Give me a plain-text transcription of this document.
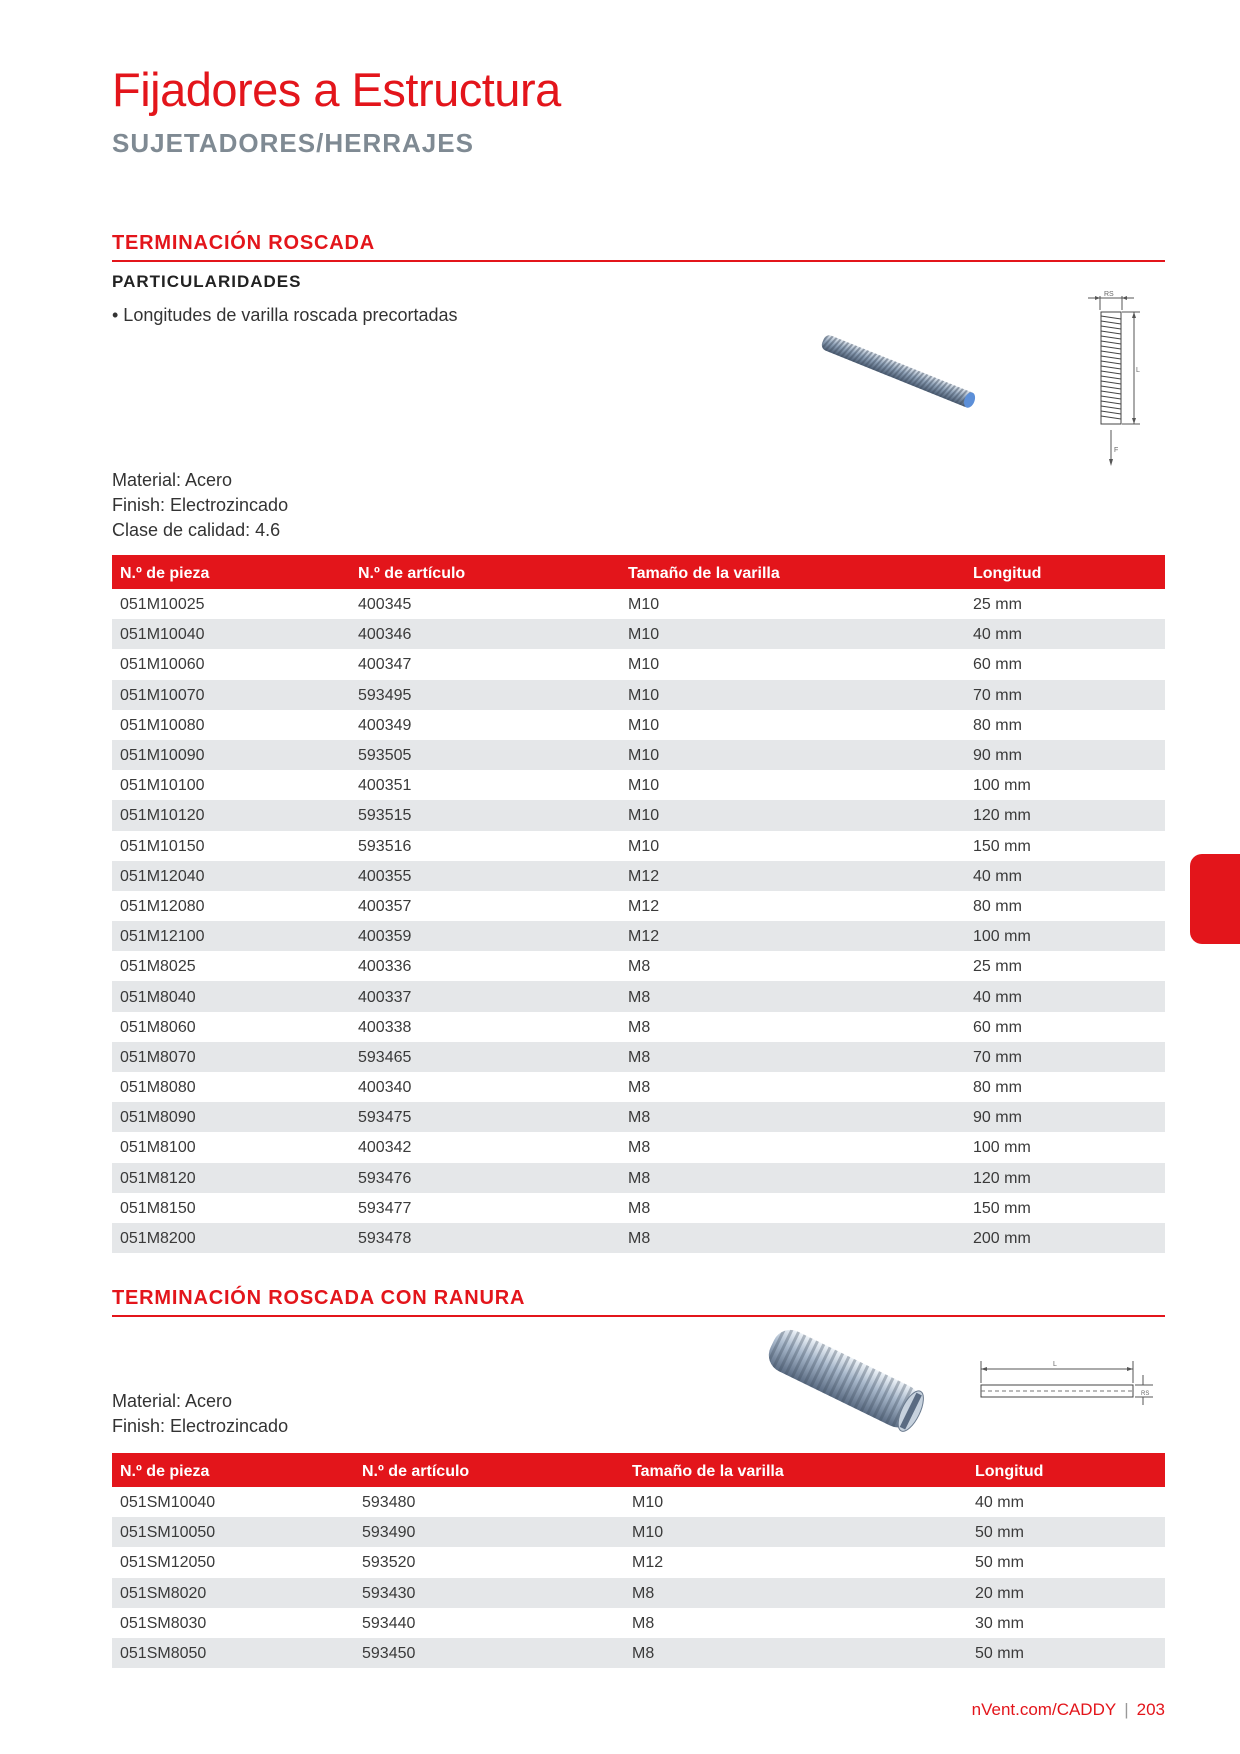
Fijadores a Estructura
SUJETADORES/HERRAJES
TERMINACIÓN ROSCADA
PARTICULARIDADES
• Longitudes de varilla roscada precortadas
RS
L
F
Material: Acero
Finish: Electrozincado
Clase de calidad: 4.6
N.º de pieza	N.º de artículo	Tamaño de la varilla	Longitud
051M10025	400345	M10	25 mm
051M10040	400346	M10	40 mm
051M10060	400347	M10	60 mm
051M10070	593495	M10	70 mm
051M10080	400349	M10	80 mm
051M10090	593505	M10	90 mm
051M10100	400351	M10	100 mm
051M10120	593515	M10	120 mm
051M10150	593516	M10	150 mm
051M12040	400355	M12	40 mm
051M12080	400357	M12	80 mm
051M12100	400359	M12	100 mm
051M8025	400336	M8	25 mm
051M8040	400337	M8	40 mm
051M8060	400338	M8	60 mm
051M8070	593465	M8	70 mm
051M8080	400340	M8	80 mm
051M8090	593475	M8	90 mm
051M8100	400342	M8	100 mm
051M8120	593476	M8	120 mm
051M8150	593477	M8	150 mm
051M8200	593478	M8	200 mm
TERMINACIÓN ROSCADA CON RANURA
L
RS
Material: Acero
Finish: Electrozincado
N.º de pieza	N.º de artículo	Tamaño de la varilla	Longitud
051SM10040	593480	M10	40 mm
051SM10050	593490	M10	50 mm
051SM12050	593520	M12	50 mm
051SM8020	593430	M8	20 mm
051SM8030	593440	M8	30 mm
051SM8050	593450	M8	50 mm
nVent.com/CADDY | 203
